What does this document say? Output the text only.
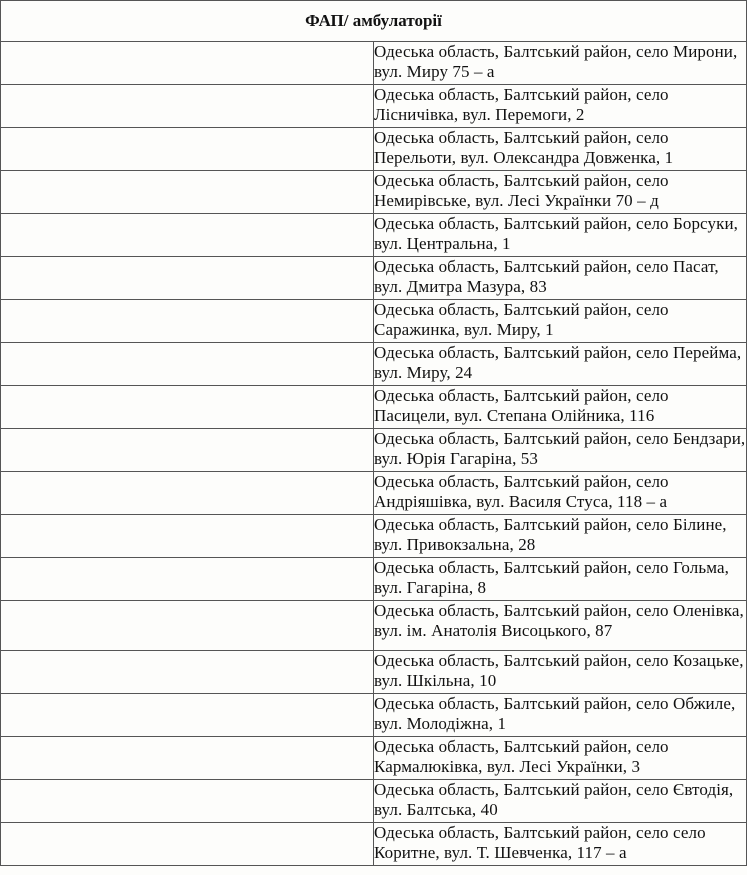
ФАП/ амбулаторії	
	Одеська область, Балтський район, село Мирони, вул. Миру 75 – а
	Одеська область, Балтський район, село Лісничівка, вул. Перемоги, 2
	Одеська область, Балтський район, село Перельоти, вул. Олександра Довженка, 1
	Одеська область, Балтський район, село Немирівське, вул. Лесі Українки 70 – д
	Одеська область, Балтський район, село Борсуки, вул. Центральна, 1
	Одеська область, Балтський район, село Пасат, вул. Дмитра Мазура, 83
	Одеська область, Балтський район, село Саражинка, вул. Миру, 1
	Одеська область, Балтський район, село Перейма, вул. Миру, 24
	Одеська область, Балтський район, село Пасицели, вул. Степана Олійника, 116
	Одеська область, Балтський район, село Бендзари, вул. Юрія Гагаріна, 53
	Одеська область, Балтський район, село Андріяшівка, вул. Василя Стуса, 118 – а
	Одеська область, Балтський район, село Білине, вул. Привокзальна, 28
	Одеська область, Балтський район, село Гольма, вул. Гагаріна, 8
	Одеська область, Балтський район, село Оленівка, вул. ім. Анатолія Висоцького, 87
	Одеська область, Балтський район, село Козацьке, вул. Шкільна, 10
	Одеська область, Балтський район, село Обжиле, вул. Молодіжна, 1
	Одеська область, Балтський район, село Кармалюківка, вул. Лесі Українки, 3
	Одеська область, Балтський район, село Євтодія, вул. Балтська, 40
	Одеська область, Балтський район, село село Коритне, вул. Т. Шевченка, 117 – а
